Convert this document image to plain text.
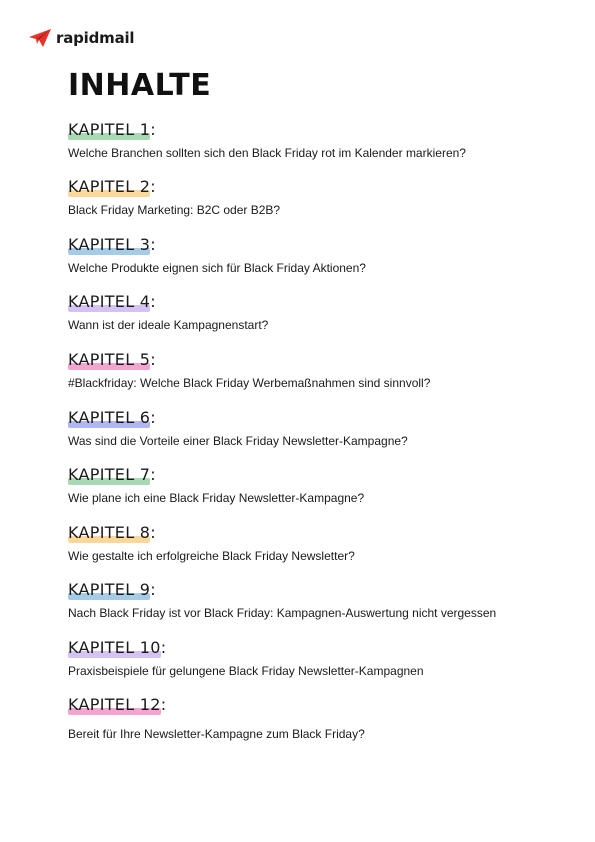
rapidmail
INHALTE
KAPITEL 1
:
Welche Branchen sollten sich den Black Friday rot im Kalender markieren?
KAPITEL 2
:
Black Friday Marketing: B2C oder B2B?
KAPITEL 3
:
Welche Produkte eignen sich für Black Friday Aktionen?
KAPITEL 4
:
Wann ist der ideale Kampagnenstart?
KAPITEL 5
:
#Blackfriday: Welche Black Friday Werbemaßnahmen sind sinnvoll?
KAPITEL 6
:
Was sind die Vorteile einer Black Friday Newsletter-Kampagne?
KAPITEL 7
:
Wie plane ich eine Black Friday Newsletter-Kampagne?
KAPITEL 8
:
Wie gestalte ich erfolgreiche Black Friday Newsletter?
KAPITEL 9
:
Nach Black Friday ist vor Black Friday: Kampagnen-Auswertung nicht vergessen
KAPITEL 10
:
Praxisbeispiele für gelungene Black Friday Newsletter-Kampagnen
KAPITEL 12
:
Bereit für Ihre Newsletter-Kampagne zum Black Friday?
